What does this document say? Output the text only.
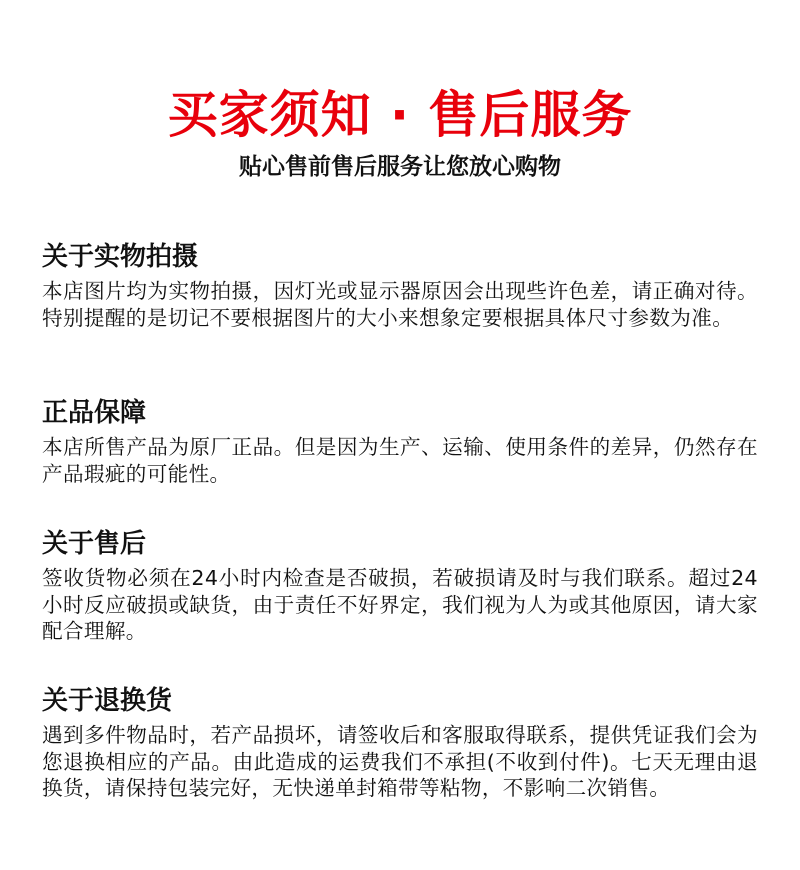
买家须知 · 售后服务
贴心售前售后服务让您放心购物
关于实物拍摄

本店图片均为实物拍摄，因灯光或显示器原因会出现些许色差，请正确对待。特别提醒的是切记不要根据图片的大小来想象定要根据具体尺寸参数为准。

正品保障

本店所售产品为原厂正品。但是因为生产、运输、使用条件的差异，仍然存在产品瑕疵的可能性。

关于售后

签收货物必须在24小时内检查是否破损，若破损请及时与我们联系。超过24小时反应破损或缺货，由于责任不好界定，我们视为人为或其他原因，请大家配合理解。

关于退换货

遇到多件物品时，若产品损坏，请签收后和客服取得联系，提供凭证我们会为您退换相应的产品。由此造成的运费我们不承担(不收到付件)。七天无理由退换货，请保持包装完好，无快递单封箱带等粘物，不影响二次销售。
